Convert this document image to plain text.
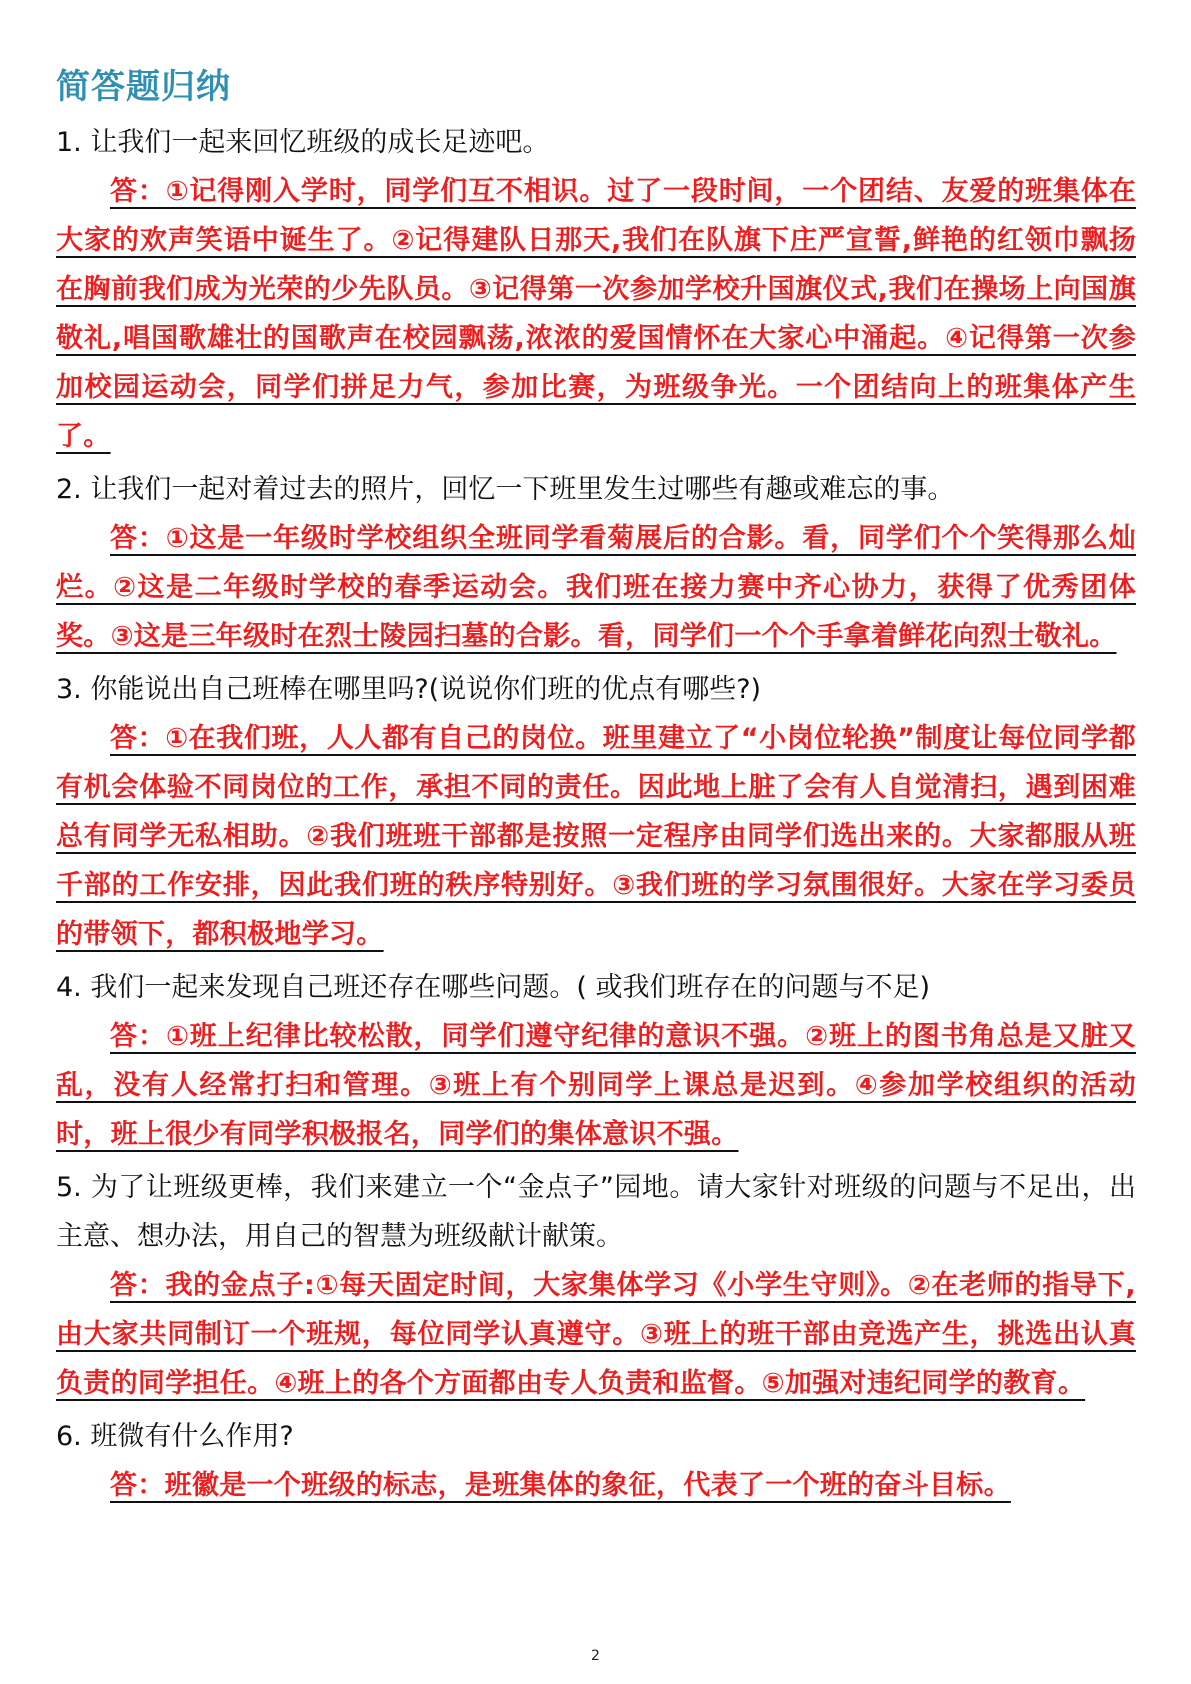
简答题归纳

1. 让我们一起来回忆班级的成长足迹吧。

答：①记得刚入学时，同学们互不相识。过了一段时间，一个团结、友爱的班集体在大家的欢声笑语中诞生了。②记得建队日那天,我们在队旗下庄严宣誓,鲜艳的红领巾飘扬在胸前我们成为光荣的少先队员。③记得第一次参加学校升国旗仪式,我们在操场上向国旗敬礼,唱国歌雄壮的国歌声在校园飘荡,浓浓的爱国情怀在大家心中涌起。④记得第一次参加校园运动会，同学们拼足力气，参加比赛，为班级争光。一个团结向上的班集体产生了。

2. 让我们一起对着过去的照片，回忆一下班里发生过哪些有趣或难忘的事。

答：①这是一年级时学校组织全班同学看菊展后的合影。看，同学们个个笑得那么灿烂。②这是二年级时学校的春季运动会。我们班在接力赛中齐心协力，获得了优秀团体奖。③这是三年级时在烈士陵园扫墓的合影。看，同学们一个个手拿着鲜花向烈士敬礼。

3. 你能说出自己班棒在哪里吗?(说说你们班的优点有哪些?)

答：①在我们班，人人都有自己的岗位。班里建立了“小岗位轮换”制度让每位同学都有机会体验不同岗位的工作，承担不同的责任。因此地上脏了会有人自觉清扫，遇到困难总有同学无私相助。②我们班班干部都是按照一定程序由同学们选出来的。大家都服从班千部的工作安排，因此我们班的秩序特别好。③我们班的学习氛围很好。大家在学习委员的带领下，都积极地学习。

4. 我们一起来发现自己班还存在哪些问题。( 或我们班存在的问题与不足)

答：①班上纪律比较松散，同学们遵守纪律的意识不强。②班上的图书角总是又脏又乱，没有人经常打扫和管理。③班上有个别同学上课总是迟到。④参加学校组织的活动时，班上很少有同学积极报名，同学们的集体意识不强。

5. 为了让班级更棒，我们来建立一个“金点子”园地。请大家针对班级的问题与不足出，出主意、想办法，用自己的智慧为班级献计献策。

答：我的金点子:①每天固定时间，大家集体学习《小学生守则》。②在老师的指导下,由大家共同制订一个班规，每位同学认真遵守。③班上的班干部由竞选产生，挑选出认真负责的同学担任。④班上的各个方面都由专人负责和监督。⑤加强对违纪同学的教育。

6. 班微有什么作用?

答：班徽是一个班级的标志，是班集体的象征，代表了一个班的奋斗目标。

2
